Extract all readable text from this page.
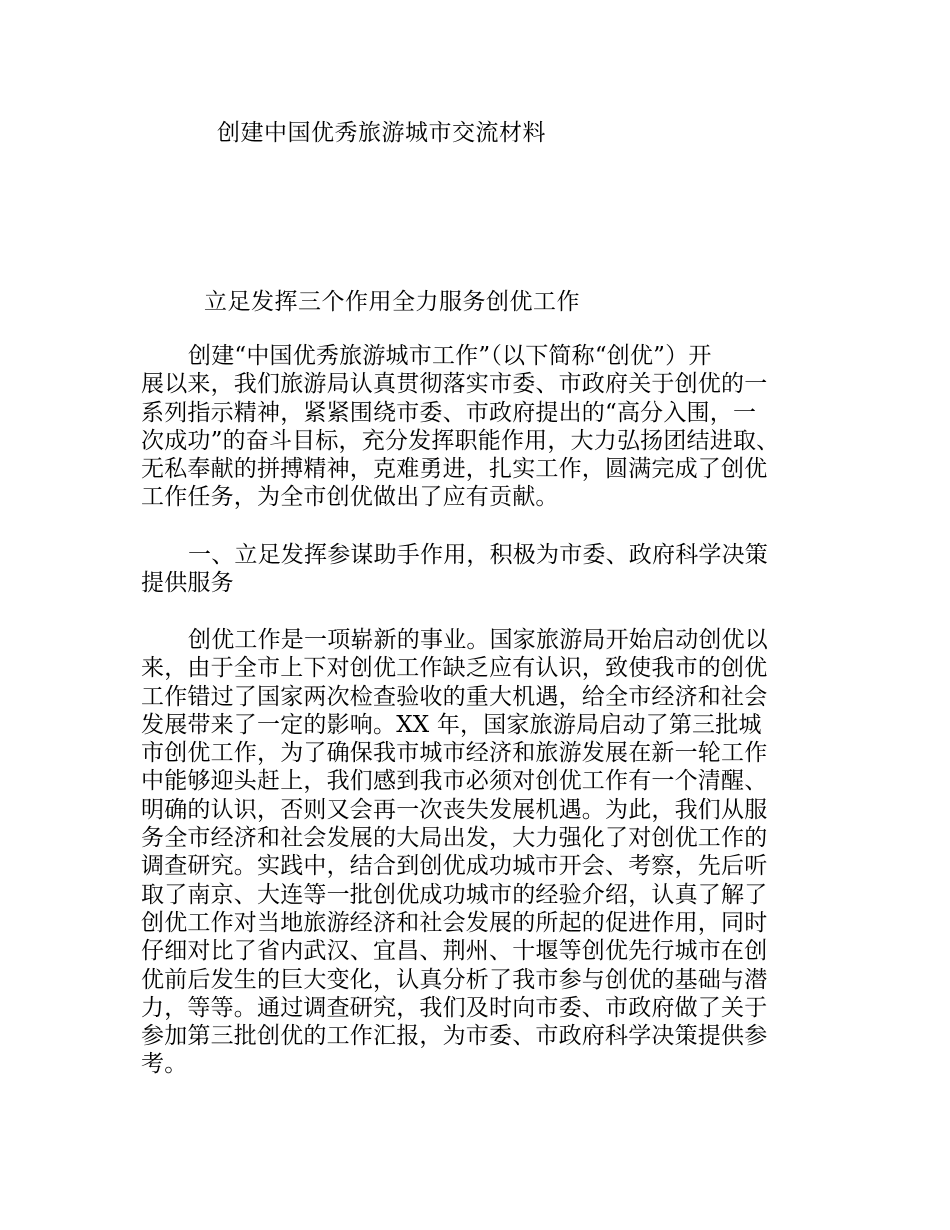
创建中国优秀旅游城市交流材料
立足发挥三个作用全力服务创优工作

创建“中国优秀旅游城市工作”（以下简称“创优”）开
展以来，我们旅游局认真贯彻落实市委、市政府关于创优的一
系列指示精神，紧紧围绕市委、市政府提出的“高分入围，一
次成功”的奋斗目标，充分发挥职能作用，大力弘扬团结进取、
无私奉献的拼搏精神，克难勇进，扎实工作，圆满完成了创优
工作任务，为全市创优做出了应有贡献。

一、立足发挥参谋助手作用，积极为市委、政府科学决策
提供服务

创优工作是一项崭新的事业。国家旅游局开始启动创优以
来，由于全市上下对创优工作缺乏应有认识，致使我市的创优
工作错过了国家两次检查验收的重大机遇，给全市经济和社会
发展带来了一定的影响。XX 年，国家旅游局启动了第三批城
市创优工作，为了确保我市城市经济和旅游发展在新一轮工作
中能够迎头赶上，我们感到我市必须对创优工作有一个清醒、
明确的认识，否则又会再一次丧失发展机遇。为此，我们从服
务全市经济和社会发展的大局出发，大力强化了对创优工作的
调查研究。实践中，结合到创优成功城市开会、考察，先后听
取了南京、大连等一批创优成功城市的经验介绍，认真了解了
创优工作对当地旅游经济和社会发展的所起的促进作用，同时
仔细对比了省内武汉、宜昌、荆州、十堰等创优先行城市在创
优前后发生的巨大变化，认真分析了我市参与创优的基础与潜
力，等等。通过调查研究，我们及时向市委、市政府做了关于
参加第三批创优的工作汇报，为市委、市政府科学决策提供参
考。
